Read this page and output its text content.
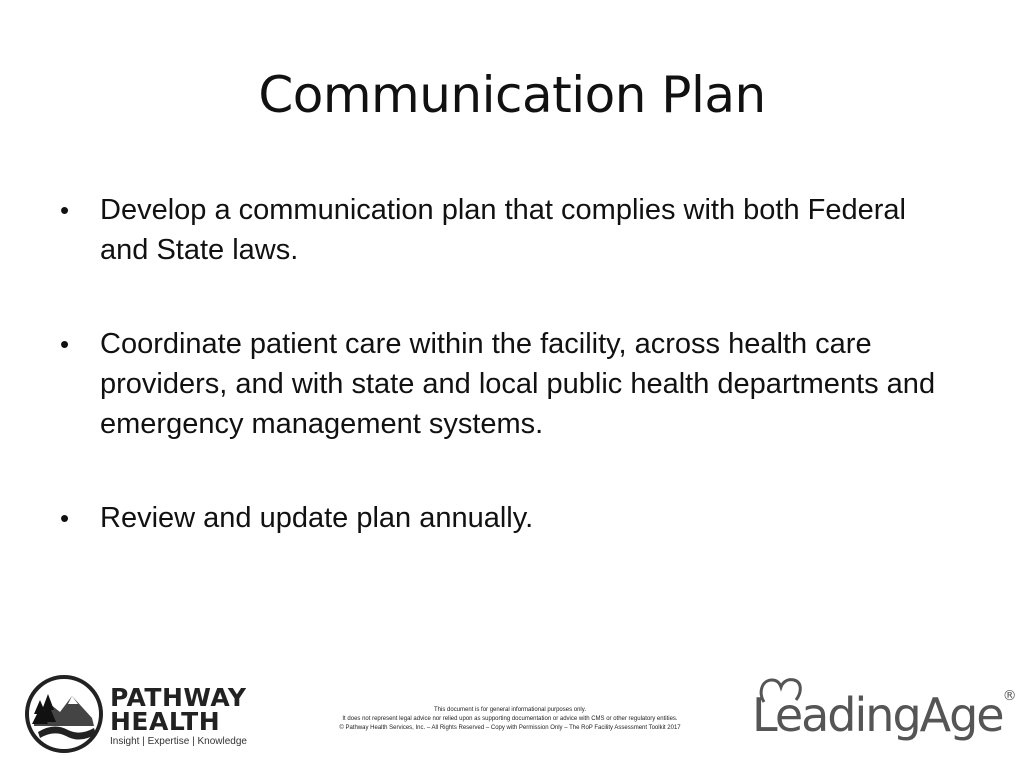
Communication Plan
• Develop a communication plan that complies with both Federal and State laws.
• Coordinate patient care within the facility, across health care providers, and with state and local public health departments and emergency management systems.
• Review and update plan annually.
PATHWAY
HEALTH
Insight | Expertise | Knowledge
This document is for general informational purposes only.
It does not represent legal advice nor relied upon as supporting documentation or advice with CMS or other regulatory entities.
© Pathway Health Services, Inc. – All Rights Reserved – Copy with Permission Only – The RoP Facility Assessment Toolkit 2017	LeadingAge®
